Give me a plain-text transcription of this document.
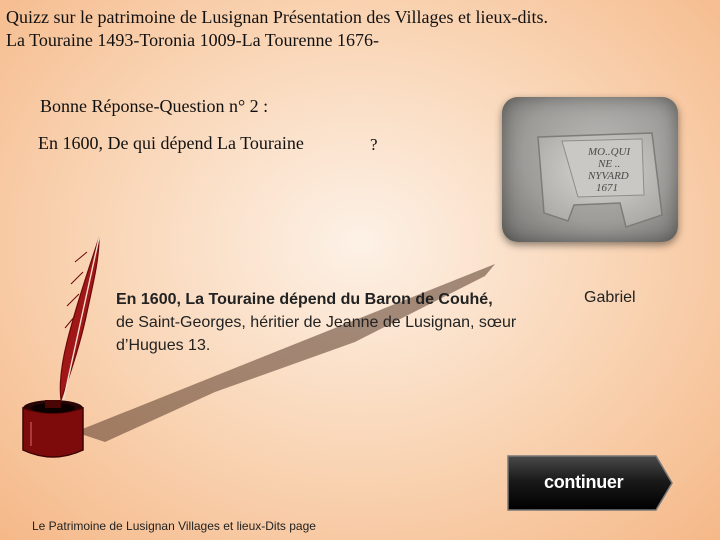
Quizz sur le patrimoine de Lusignan Présentation des Villages et lieux-dits.
La Touraine 1493-Toronia 1009-La Tourenne 1676-
Bonne Réponse-Question n° 2 :
En 1600, De qui dépend La Touraine	?	MO..QUI
NE ..
NYVARD
1671
En 1600, La Touraine dépend du Baron de Couhé,
de Saint-Georges, héritier de Jeanne de Lusignan, sœur d’Hugues 13.
Gabriel
continuer
Le Patrimoine de Lusignan Villages et lieux-Dits page
